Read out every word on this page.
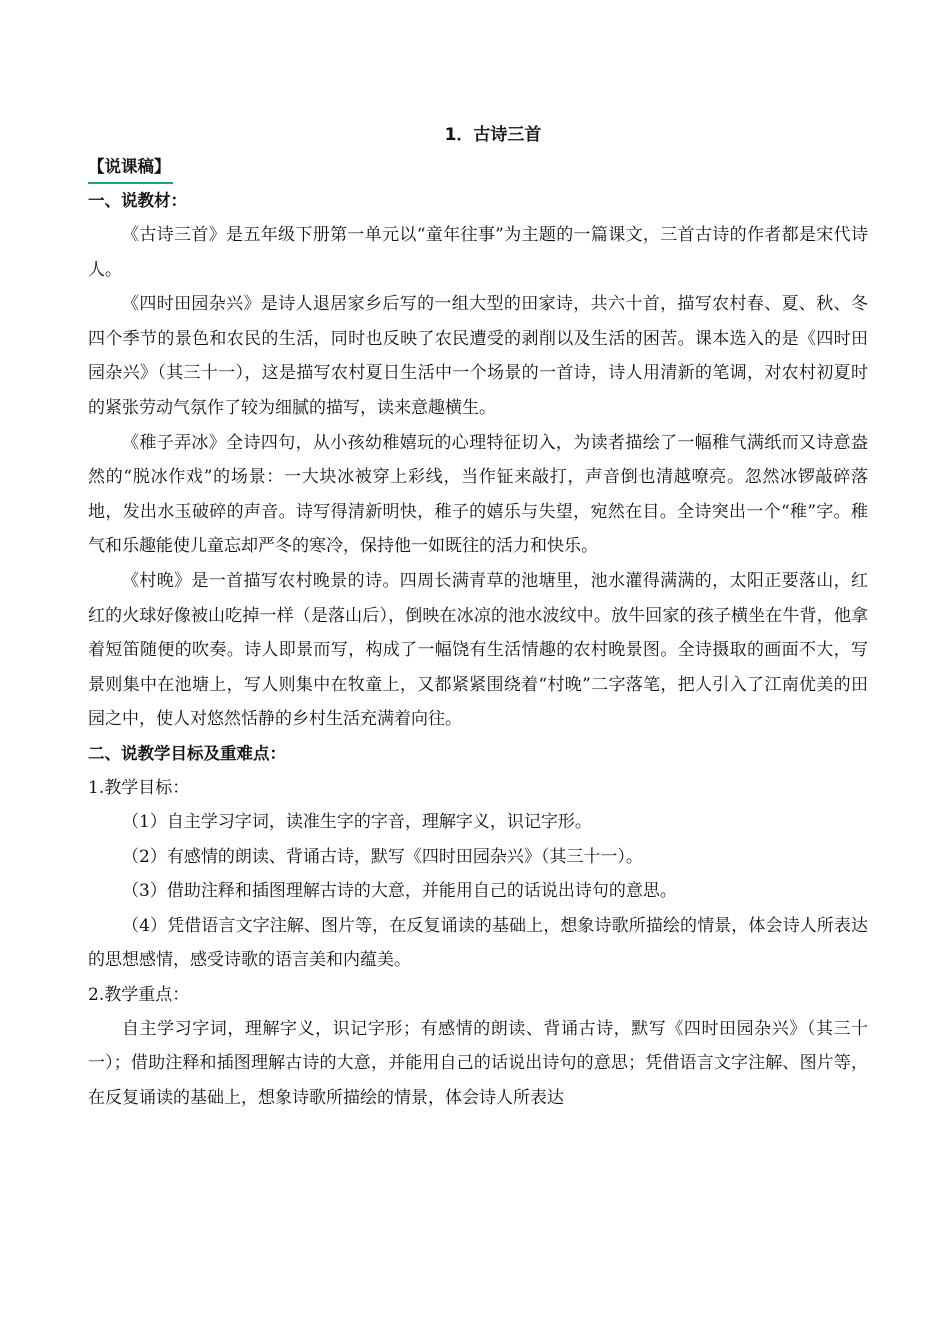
1．古诗三首
【说课稿】
一、说教材：

《古诗三首》是五年级下册第一单元以“童年往事”为主题的一篇课文，三首古诗的作者都是宋代诗人。

《四时田园杂兴》是诗人退居家乡后写的一组大型的田家诗，共六十首，描写农村春、夏、秋、冬四个季节的景色和农民的生活，同时也反映了农民遭受的剥削以及生活的困苦。课本选入的是《四时田园杂兴》（其三十一），这是描写农村夏日生活中一个场景的一首诗，诗人用清新的笔调，对农村初夏时的紧张劳动气氛作了较为细腻的描写，读来意趣横生。

《稚子弄冰》全诗四句，从小孩幼稚嬉玩的心理特征切入，为读者描绘了一幅稚气满纸而又诗意盎然的“脱冰作戏”的场景：一大块冰被穿上彩线，当作钲来敲打，声音倒也清越嘹亮。忽然冰锣敲碎落地，发出水玉破碎的声音。诗写得清新明快，稚子的嬉乐与失望，宛然在目。全诗突出一个“稚”字。稚气和乐趣能使儿童忘却严冬的寒冷，保持他一如既往的活力和快乐。

《村晚》是一首描写农村晚景的诗。四周长满青草的池塘里，池水灌得满满的，太阳正要落山，红红的火球好像被山吃掉一样（是落山后），倒映在冰凉的池水波纹中。放牛回家的孩子横坐在牛背，他拿着短笛随便的吹奏。诗人即景而写，构成了一幅饶有生活情趣的农村晚景图。全诗摄取的画面不大，写景则集中在池塘上，写人则集中在牧童上，又都紧紧围绕着“村晚”二字落笔，把人引入了江南优美的田园之中，使人对悠然恬静的乡村生活充满着向往。

二、说教学目标及重难点：

1.教学目标：

（1）自主学习字词，读准生字的字音，理解字义，识记字形。

（2）有感情的朗读、背诵古诗，默写《四时田园杂兴》（其三十一）。

（3）借助注释和插图理解古诗的大意，并能用自己的话说出诗句的意思。

（4）凭借语言文字注解、图片等，在反复诵读的基础上，想象诗歌所描绘的情景，体会诗人所表达的思想感情，感受诗歌的语言美和内蕴美。

2.教学重点：

自主学习字词，理解字义，识记字形；有感情的朗读、背诵古诗，默写《四时田园杂兴》（其三十一）；借助注释和插图理解古诗的大意，并能用自己的话说出诗句的意思；凭借语言文字注解、图片等，在反复诵读的基础上，想象诗歌所描绘的情景，体会诗人所表达
